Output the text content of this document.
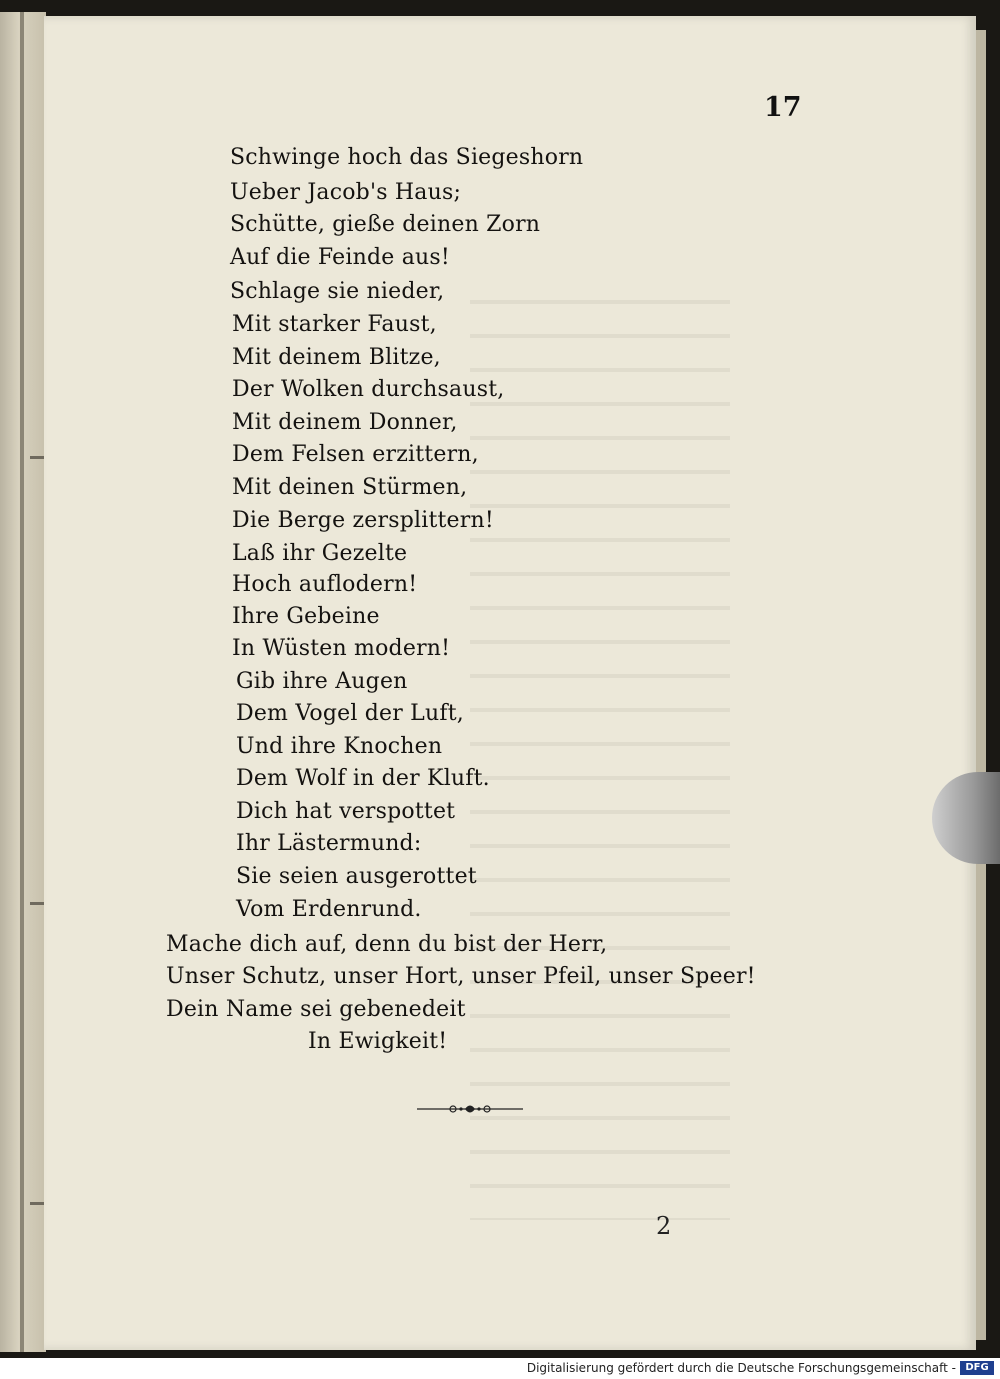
17
Schwinge hoch das Siegeshorn
Ueber Jacob's Haus;
Schütte, gieße deinen Zorn
Auf die Feinde aus!
Schlage sie nieder,
Mit starker Faust,
Mit deinem Blitze,
Der Wolken durchsaust,
Mit deinem Donner,
Dem Felsen erzittern,
Mit deinen Stürmen,
Die Berge zersplittern!
Laß ihr Gezelte
Hoch auflodern!
Ihre Gebeine
In Wüsten modern!
Gib ihre Augen
Dem Vogel der Luft,
Und ihre Knochen
Dem Wolf in der Kluft.
Dich hat verspottet
Ihr Lästermund:
Sie seien ausgerottet
Vom Erdenrund.
Mache dich auf, denn du bist der Herr,
Unser Schutz, unser Hort, unser Pfeil, unser Speer!
Dein Name sei gebenedeit
In Ewigkeit!
2
Digitalisierung gefördert durch die Deutsche Forschungsgemeinschaft - DFG
